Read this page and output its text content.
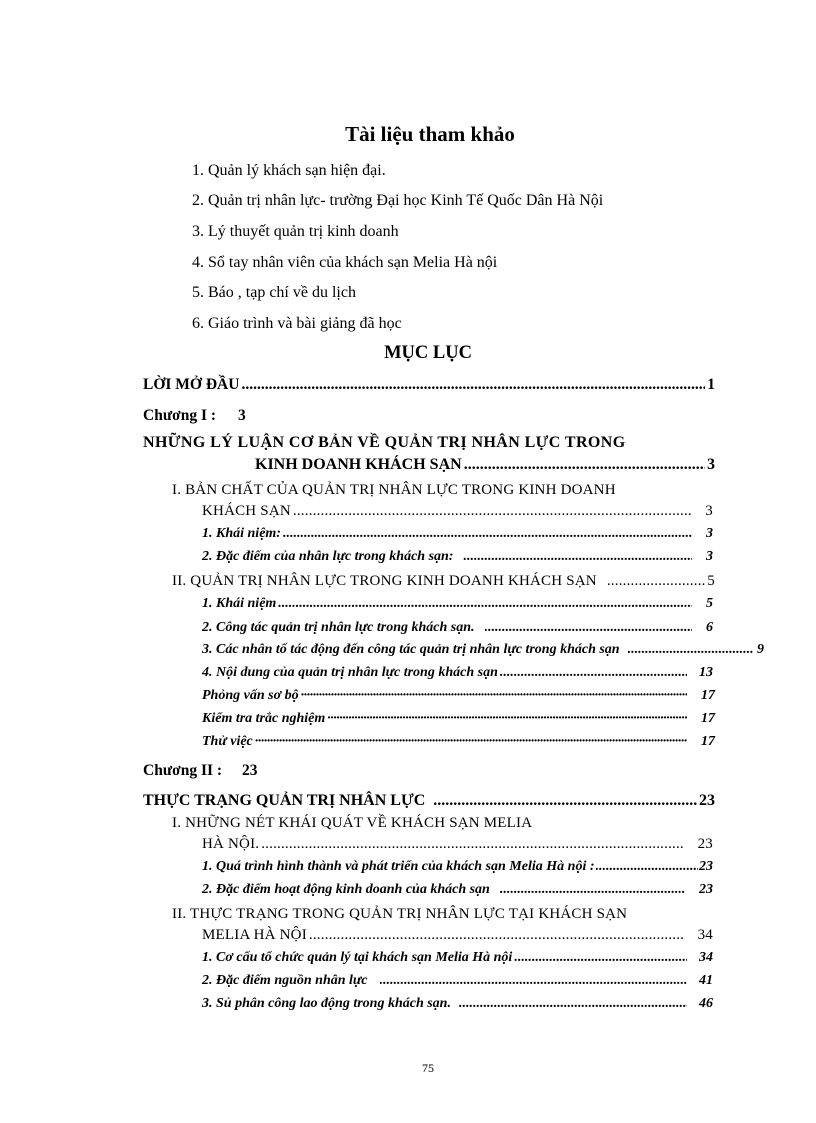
Tài liệu tham khảo
1. Quản lý khách sạn hiện đại.
2. Quản trị nhân lực- trường Đại học Kinh Tế Quốc Dân Hà Nội
3. Lý thuyết quản trị kinh doanh
4. Sổ tay nhân viên của khách sạn Melia Hà nội
5. Báo , tạp chí về du lịch
6. Giáo trình và bài giảng đã học
MỤC LỤC
LỜI MỞ ĐẦU .....	1
Chương I : 3
NHỮNG LÝ LUẬN CƠ BẢN VỀ QUẢN TRỊ NHÂN LỰC TRONG
KINH DOANH KHÁCH SẠN .....	3
I. BẢN CHẤT CỦA QUẢN TRỊ NHÂN LỰC TRONG KINH DOANH
KHÁCH SẠN .....	3
1. Khái niệm: .....	3
2. Đặc điểm của nhân lực trong khách sạn: .....	3
II. QUẢN TRỊ NHÂN LỰC TRONG KINH DOANH KHÁCH SẠN .....	5
1. Khái niệm .....	5
2. Công tác quản trị nhân lực trong khách sạn. .....	6
3. Các nhân tố tác động đến công tác quản trị nhân lực trong khách sạn .....	9
4. Nội dung của quản trị nhân lực trong khách sạn .....	13
Phỏng vấn sơ bộ ·····	17
Kiểm tra trắc nghiệm ·····	17
Thử việc ·····	17
Chương II : 23
THỰC TRẠNG QUẢN TRỊ NHÂN LỰC .....	23
I. NHỮNG NÉT KHÁI QUÁT VỀ KHÁCH SẠN MELIA
HÀ NỘI. .....	23
1. Quá trình hình thành và phát triển của khách sạn Melia Hà nội : .....	23
2. Đặc điểm hoạt động kinh doanh của khách sạn .....	23
II. THỰC TRẠNG TRONG QUẢN TRỊ NHÂN LỰC TẠI KHÁCH SẠN
MELIA HÀ NỘI .....	34
1. Cơ cấu tổ chức quản lý tại khách sạn Melia Hà nội .....	34
2. Đặc điểm nguồn nhân lực .....	41
3. Sủ phân công lao động trong khách sạn. .....	46
75
